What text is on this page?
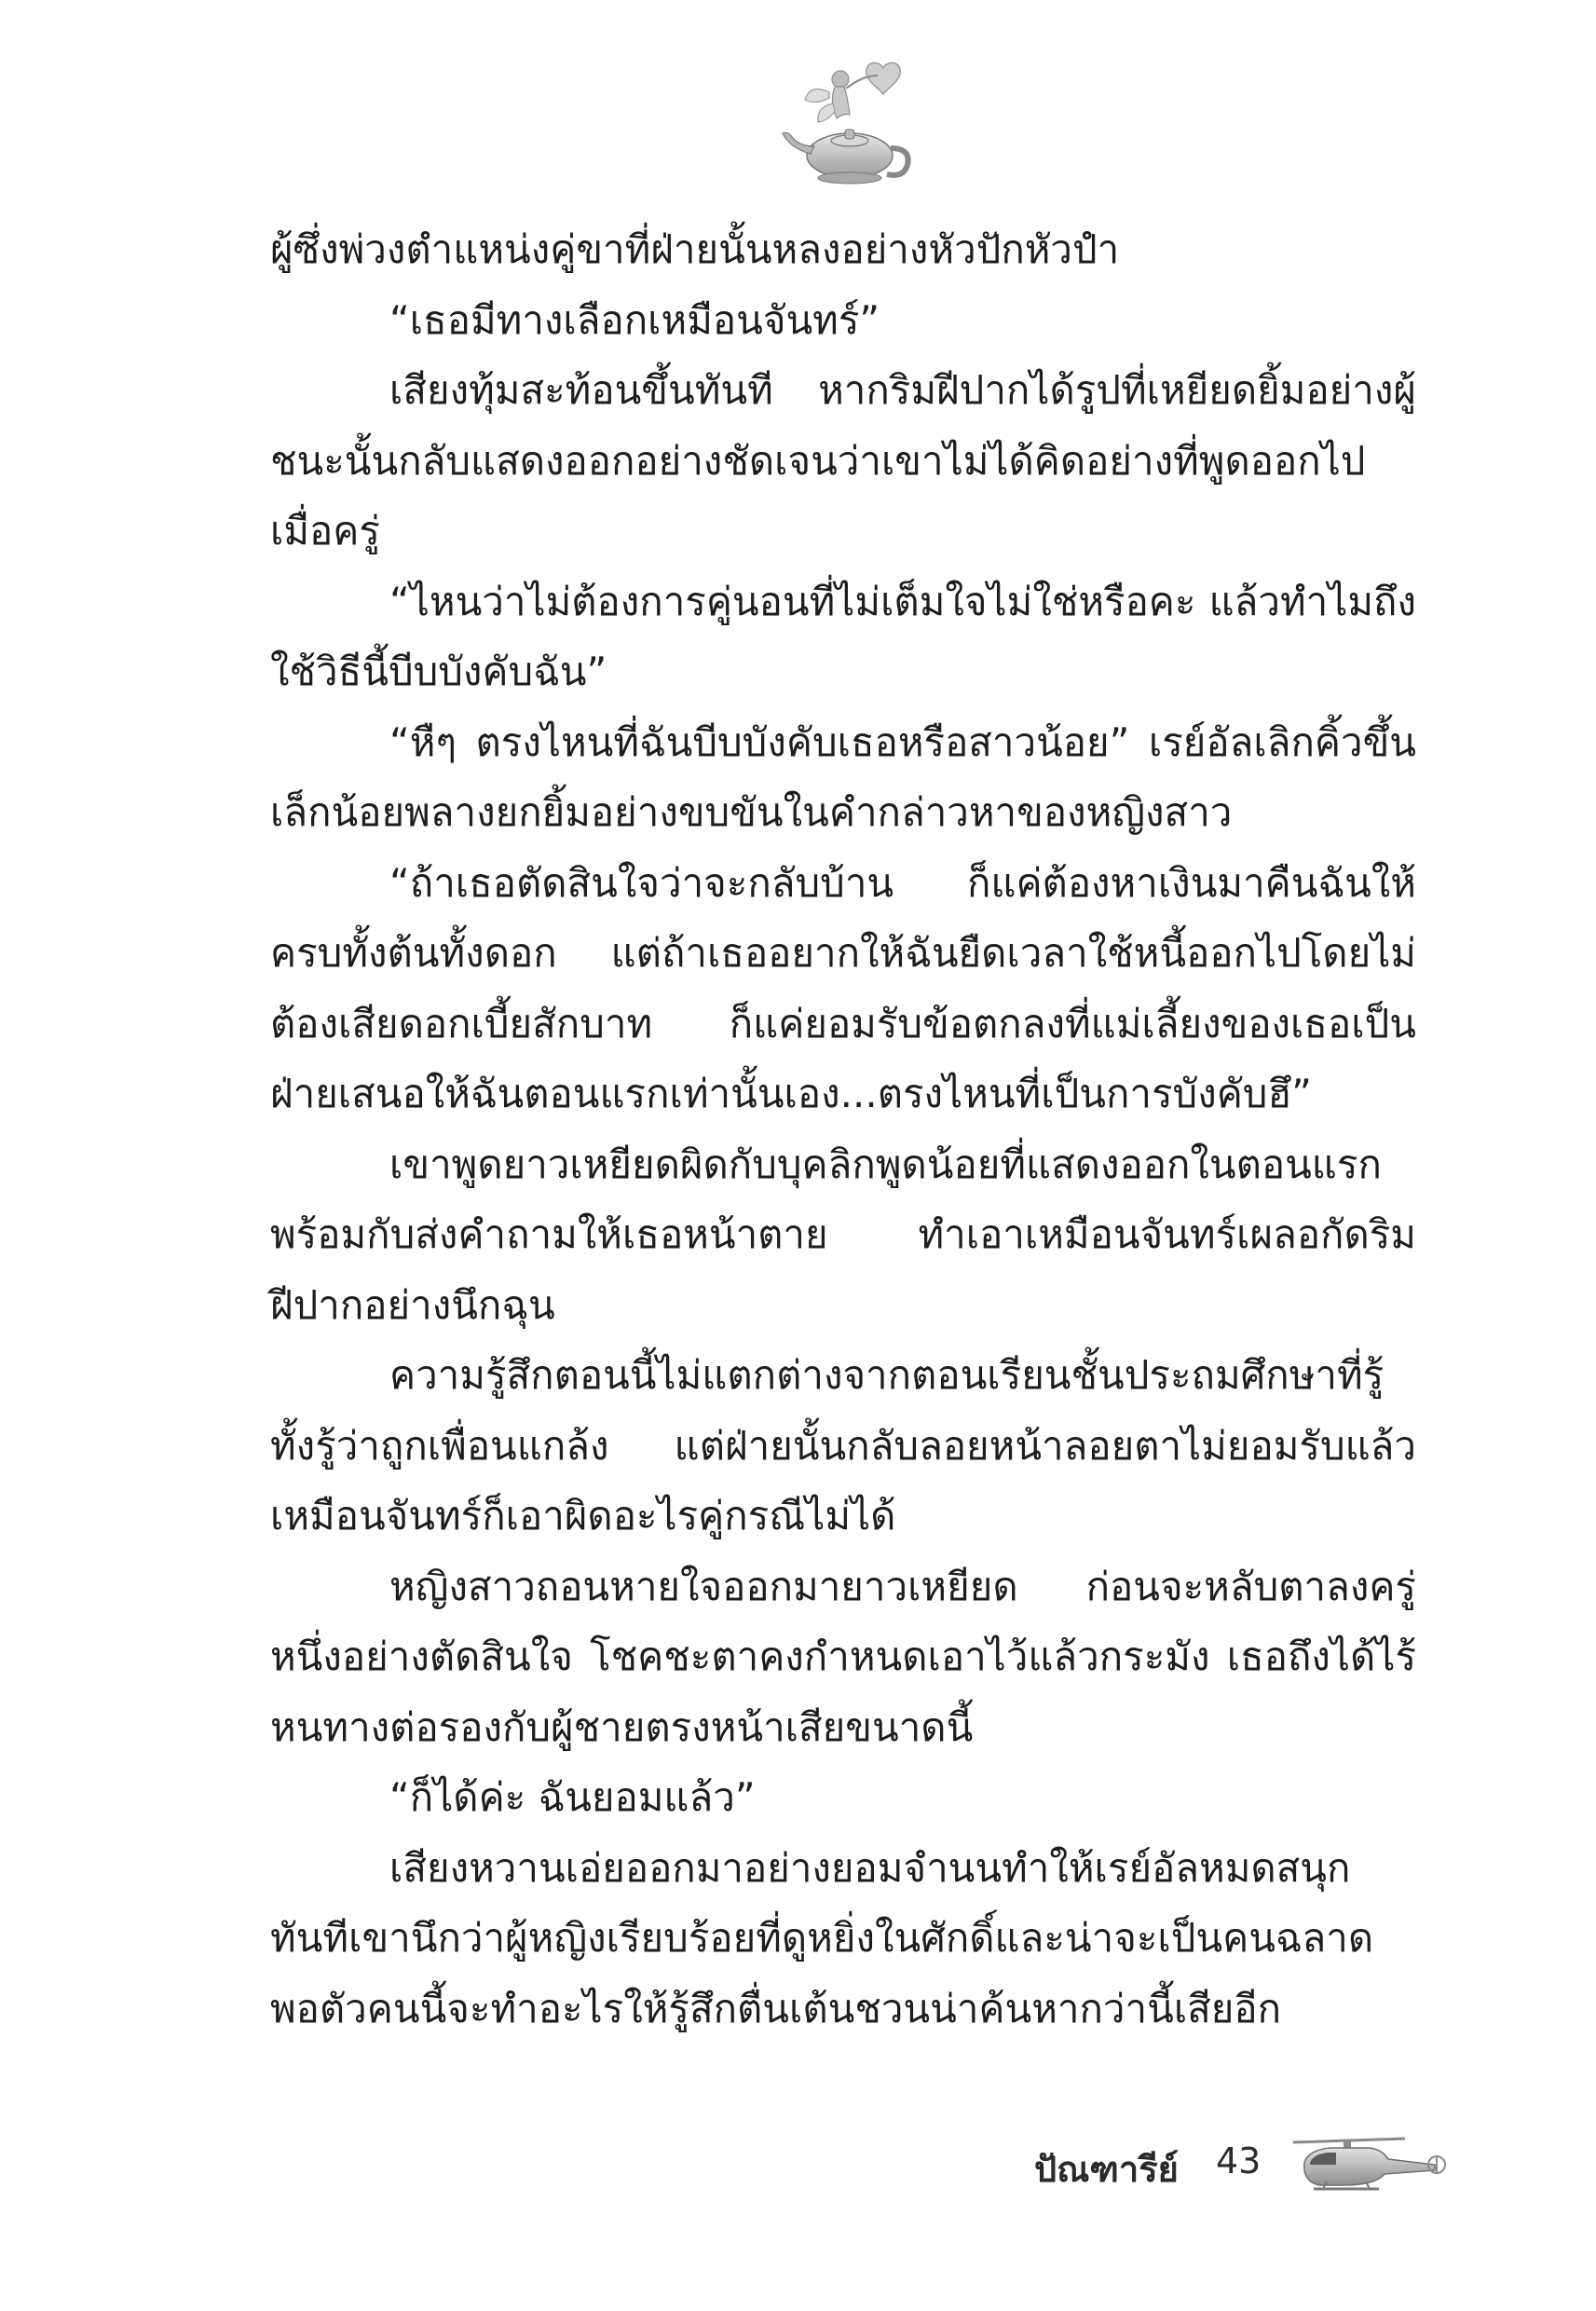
ผู้ซึ่งพ่วงตำแหน่งคู่ขาที่ฝ่ายนั้นหลงอย่างหัวปักหัวปำ

“เธอมีทางเลือกเหมือนจันทร์”

เสียงทุ้มสะท้อนขึ้นทันที หากริมฝีปากได้รูปที่เหยียดยิ้มอย่างผู้ชนะนั้นกลับแสดงออกอย่างชัดเจนว่าเขาไม่ได้คิดอย่างที่พูดออกไปเมื่อครู่

“ไหนว่าไม่ต้องการคู่นอนที่ไม่เต็มใจไม่ใช่หรือคะ แล้วทำไมถึงใช้วิธีนี้บีบบังคับฉัน”

“หืๆ ตรงไหนที่ฉันบีบบังคับเธอหรือสาวน้อย” เรย์อัลเลิกคิ้วขึ้นเล็กน้อยพลางยกยิ้มอย่างขบขันในคำกล่าวหาของหญิงสาว

“ถ้าเธอตัดสินใจว่าจะกลับบ้าน ก็แค่ต้องหาเงินมาคืนฉันให้ครบทั้งต้นทั้งดอก แต่ถ้าเธออยากให้ฉันยืดเวลาใช้หนี้ออกไปโดยไม่ต้องเสียดอกเบี้ยสักบาท ก็แค่ยอมรับข้อตกลงที่แม่เลี้ยงของเธอเป็นฝ่ายเสนอให้ฉันตอนแรกเท่านั้นเอง...ตรงไหนที่เป็นการบังคับฮึ”

เขาพูดยาวเหยียดผิดกับบุคลิกพูดน้อยที่แสดงออกในตอนแรกพร้อมกับส่งคำถามให้เธอหน้าตาย ทำเอาเหมือนจันทร์เผลอกัดริมฝีปากอย่างนึกฉุน

ความรู้สึกตอนนี้ไม่แตกต่างจากตอนเรียนชั้นประถมศึกษาที่รู้ทั้งรู้ว่าถูกเพื่อนแกล้ง แต่ฝ่ายนั้นกลับลอยหน้าลอยตาไม่ยอมรับแล้วเหมือนจันทร์ก็เอาผิดอะไรคู่กรณีไม่ได้

หญิงสาวถอนหายใจออกมายาวเหยียด ก่อนจะหลับตาลงครู่หนึ่งอย่างตัดสินใจ โชคชะตาคงกำหนดเอาไว้แล้วกระมัง เธอถึงได้ไร้หนทางต่อรองกับผู้ชายตรงหน้าเสียขนาดนี้

“ก็ได้ค่ะ ฉันยอมแล้ว”

เสียงหวานเอ่ยออกมาอย่างยอมจำนนทำให้เรย์อัลหมดสนุกทันทีเขานึกว่าผู้หญิงเรียบร้อยที่ดูหยิ่งในศักดิ์และน่าจะเป็นคนฉลาดพอตัวคนนี้จะทำอะไรให้รู้สึกตื่นเต้นชวนน่าค้นหากว่านี้เสียอีก

ปัณฑารีย์ 43
